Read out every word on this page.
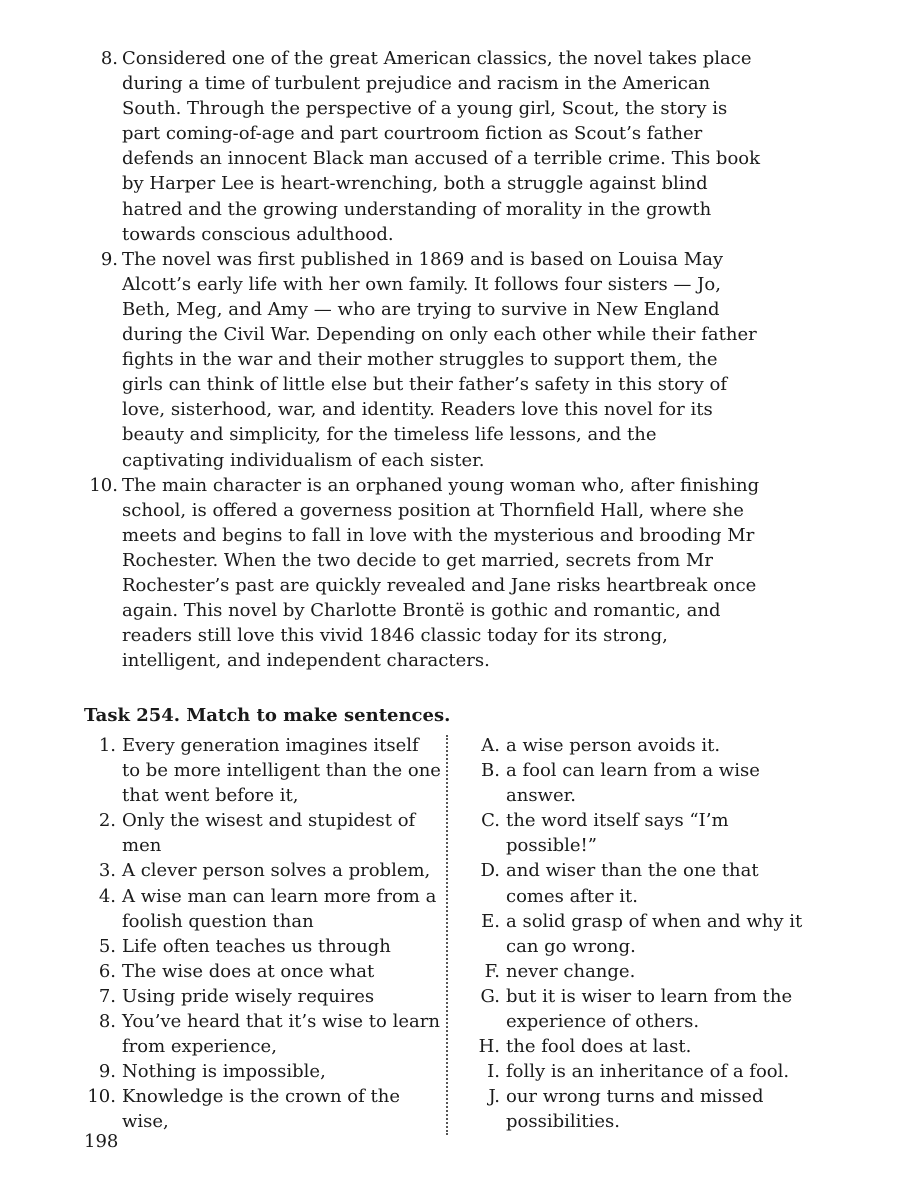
8. Considered one of the great American classics, the novel takes place during a time of turbulent prejudice and racism in the American South. Through the perspective of a young girl, Scout, the story is part coming-of-age and part courtroom fiction as Scout’s father defends an innocent Black man accused of a terrible crime. This book by Harper Lee is heart-wrenching, both a struggle against blind hatred and the growing understanding of morality in the growth towards conscious adulthood.
9. The novel was first published in 1869 and is based on Louisa May Alcott’s early life with her own family. It follows four sisters — Jo, Beth, Meg, and Amy — who are trying to survive in New England during the Civil War. Depending on only each other while their father fights in the war and their mother struggles to support them, the girls can think of little else but their father’s safety in this story of love, sisterhood, war, and identity. Readers love this novel for its beauty and simplicity, for the timeless life lessons, and the captivating individualism of each sister.
10. The main character is an orphaned young woman who, after finishing school, is offered a governess position at Thornfield Hall, where she meets and begins to fall in love with the mysterious and brooding Mr Rochester. When the two decide to get married, secrets from Mr Rochester’s past are quickly revealed and Jane risks heartbreak once again. This novel by Charlotte Brontë is gothic and romantic, and readers still love this vivid 1846 classic today for its strong, intelligent, and independent characters.
Task 254. Match to make sentences.
1. Every generation imagines itself to be more intelligent than the one that went before it,
2. Only the wisest and stupidest of men
3. A clever person solves a problem,
4. A wise man can learn more from a foolish question than
5. Life often teaches us through
6. The wise does at once what
7. Using pride wisely requires
8. You’ve heard that it’s wise to learn from experience,
9. Nothing is impossible,
10. Knowledge is the crown of the wise,
A. a wise person avoids it.
B. a fool can learn from a wise answer.
C. the word itself says “I’m possible!”
D. and wiser than the one that comes after it.
E. a solid grasp of when and why it can go wrong.
F. never change.
G. but it is wiser to learn from the experience of others.
H. the fool does at last.
I. folly is an inheritance of a fool.
J. our wrong turns and missed possibilities.
198
